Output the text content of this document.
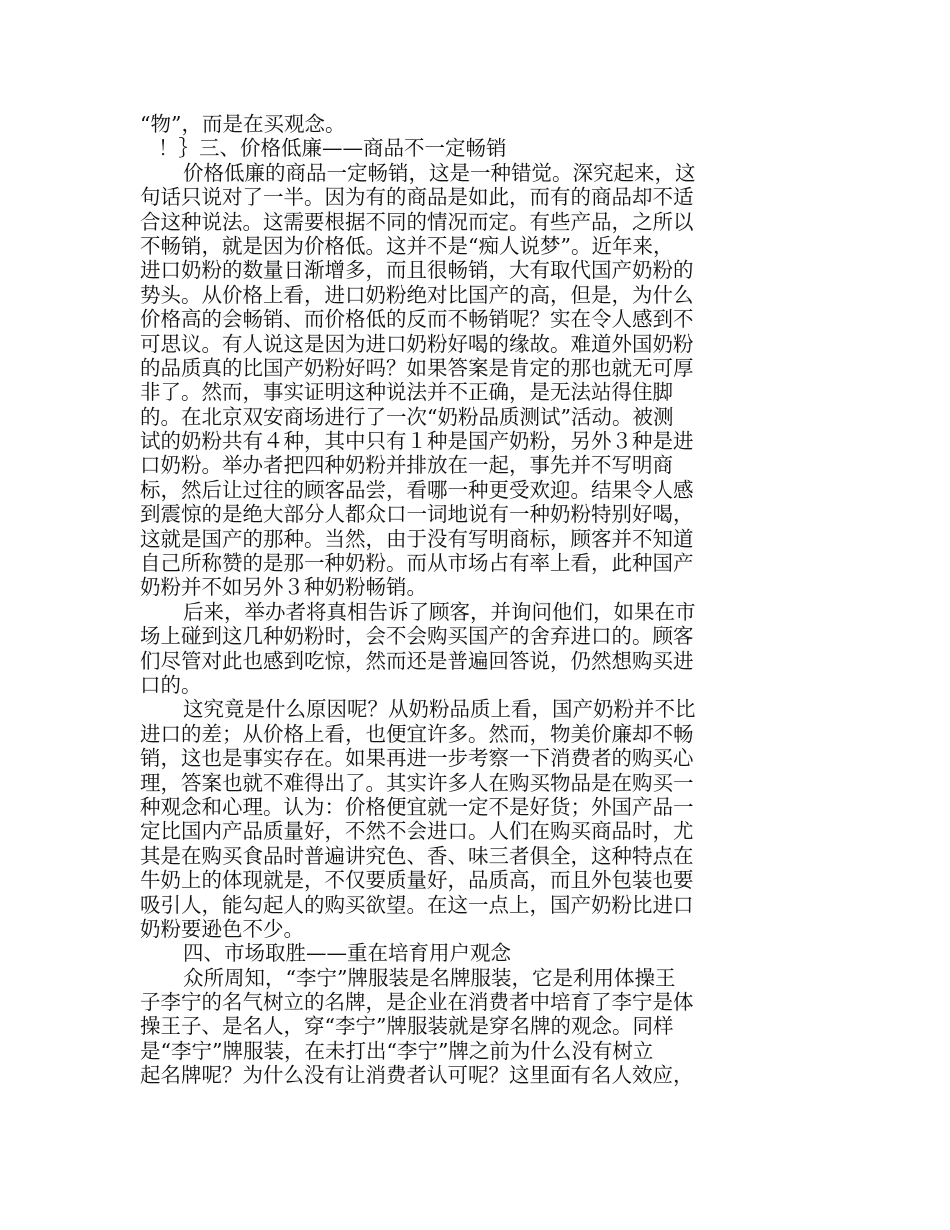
“物”，而是在买观念。
！｝三、价格低廉——商品不一定畅销
价格低廉的商品一定畅销，这是一种错觉。深究起来，这
句话只说对了一半。因为有的商品是如此，而有的商品却不适
合这种说法。这需要根据不同的情况而定。有些产品，之所以
不畅销，就是因为价格低。这并不是“痴人说梦”。近年来，
进口奶粉的数量日渐增多，而且很畅销，大有取代国产奶粉的
势头。从价格上看，进口奶粉绝对比国产的高，但是，为什么
价格高的会畅销、而价格低的反而不畅销呢？实在令人感到不
可思议。有人说这是因为进口奶粉好喝的缘故。难道外国奶粉
的品质真的比国产奶粉好吗？如果答案是肯定的那也就无可厚
非了。然而，事实证明这种说法并不正确，是无法站得住脚
的。在北京双安商场进行了一次“奶粉品质测试”活动。被测
试的奶粉共有４种，其中只有１种是国产奶粉，另外３种是进
口奶粉。举办者把四种奶粉并排放在一起，事先并不写明商
标，然后让过往的顾客品尝，看哪一种更受欢迎。结果令人感
到震惊的是绝大部分人都众口一词地说有一种奶粉特别好喝，
这就是国产的那种。当然，由于没有写明商标，顾客并不知道
自己所称赞的是那一种奶粉。而从市场占有率上看，此种国产
奶粉并不如另外３种奶粉畅销。
后来，举办者将真相告诉了顾客，并询问他们，如果在市
场上碰到这几种奶粉时，会不会购买国产的舍弃进口的。顾客
们尽管对此也感到吃惊，然而还是普遍回答说，仍然想购买进
口的。
这究竟是什么原因呢？从奶粉品质上看，国产奶粉并不比
进口的差；从价格上看，也便宜许多。然而，物美价廉却不畅
销，这也是事实存在。如果再进一步考察一下消费者的购买心
理，答案也就不难得出了。其实许多人在购买物品是在购买一
种观念和心理。认为：价格便宜就一定不是好货；外国产品一
定比国内产品质量好，不然不会进口。人们在购买商品时，尤
其是在购买食品时普遍讲究色、香、味三者俱全，这种特点在
牛奶上的体现就是，不仅要质量好，品质高，而且外包装也要
吸引人，能勾起人的购买欲望。在这一点上，国产奶粉比进口
奶粉要逊色不少。
四、市场取胜——重在培育用户观念
众所周知，“李宁”牌服装是名牌服装，它是利用体操王
子李宁的名气树立的名牌，是企业在消费者中培育了李宁是体
操王子、是名人，穿“李宁”牌服装就是穿名牌的观念。同样
是“李宁”牌服装，在未打出“李宁”牌之前为什么没有树立
起名牌呢？为什么没有让消费者认可呢？这里面有名人效应，
